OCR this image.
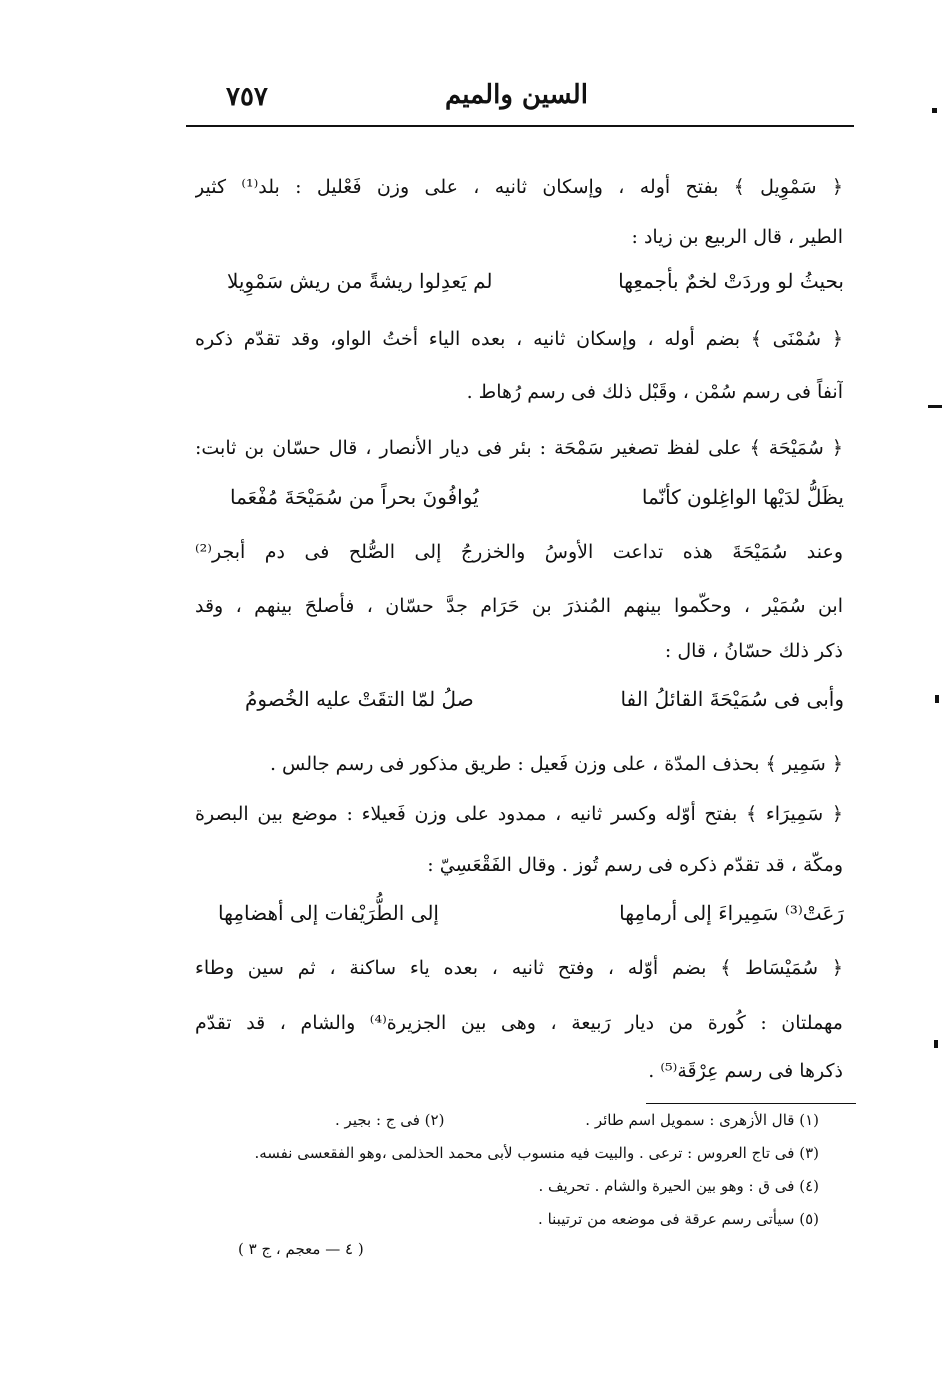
٧٥٧	السين والميم
﴿ سَمْوِيل ﴾ بفتح أوله ، وإسكان ثانيه ، على وزن فَعْليل : بلد⁽¹⁾ كثير
الطير ، قال الربيع بن زياد :
بحيثُ لو وردَتْ لخمٌ بأجمعِها
لم يَعدِلوا ريشةً من ريش سَمْوِيلا
﴿ سُمْنَى ﴾ بضم أوله ، وإسكان ثانيه ، بعده الياء أختُ الواو، وقد تقدّم ذكره
آنفاً فى رسم سُمْن ، وقَبْل ذلك فى رسم رُهاط .
﴿ سُمَيْحَة ﴾ على لفظ تصغير سَمْحَة : بئر فى ديار الأنصار ، قال حسّان بن ثابت:
يظَلُّ لدَيْها الواغِلون كأنّما
يُوافُونَ بحراً من سُمَيْحَةَ مُفْعَما
وعند سُمَيْحَةَ هذه تداعت الأوسُ والخزرجُ إلى الصُّلح فى دم أبجر⁽²⁾
ابن سُمَيْر ، وحكّموا بينهم المُنذرَ بن حَرَام جدَّ حسّان ، فأصلحَ بينهم ، وقد
ذكر ذلك حسّانُ ، قال :
وأبى فى سُمَيْحَةَ القائلُ الفا
صلُ لمّا التقَتْ عليه الخُصومُ
﴿ سَمِير ﴾ بحذف المدّة ، على وزن فَعيل : طريق مذكور فى رسم جالس .
﴿ سَمِيرَاء ﴾ بفتح أوّله وكسر ثانيه ، ممدود على وزن فَعيلاء : موضع بين البصرة
ومكّة ، قد تقدّم ذكره فى رسم تُوز . وقال الفَقْعَسِيّ :
رَعَتْ⁽³⁾ سَمِيراءَ إلى أرمامِها
إلى الطُّرَيْفات إلى أهضامِها
﴿ سُمَيْسَاط ﴾ بضم أوّله ، وفتح ثانيه ، بعده ياء ساكنة ، ثم سين وطاء
مهملتان : كُورة من ديار رَبيعة ، وهى بين الجزيرة⁽⁴⁾ والشام ، قد تقدّم
ذكرها فى رسم عِرْقَة⁽⁵⁾ .
(١) قال الأزهرى : سمويل اسم طائر .
(٢) فى ج : بجير .
(٣) فى تاج العروس : ترعى . والبيت فيه منسوب لأبى محمد الحذلمى ،وهو الفقعسى نفسه.
(٤) فى ق : وهو بين الحيرة والشام . تحريف .
(٥) سيأتى رسم عرقة فى موضعه من ترتيبنا .
( ٤ — معجم ، ج ٣ )
